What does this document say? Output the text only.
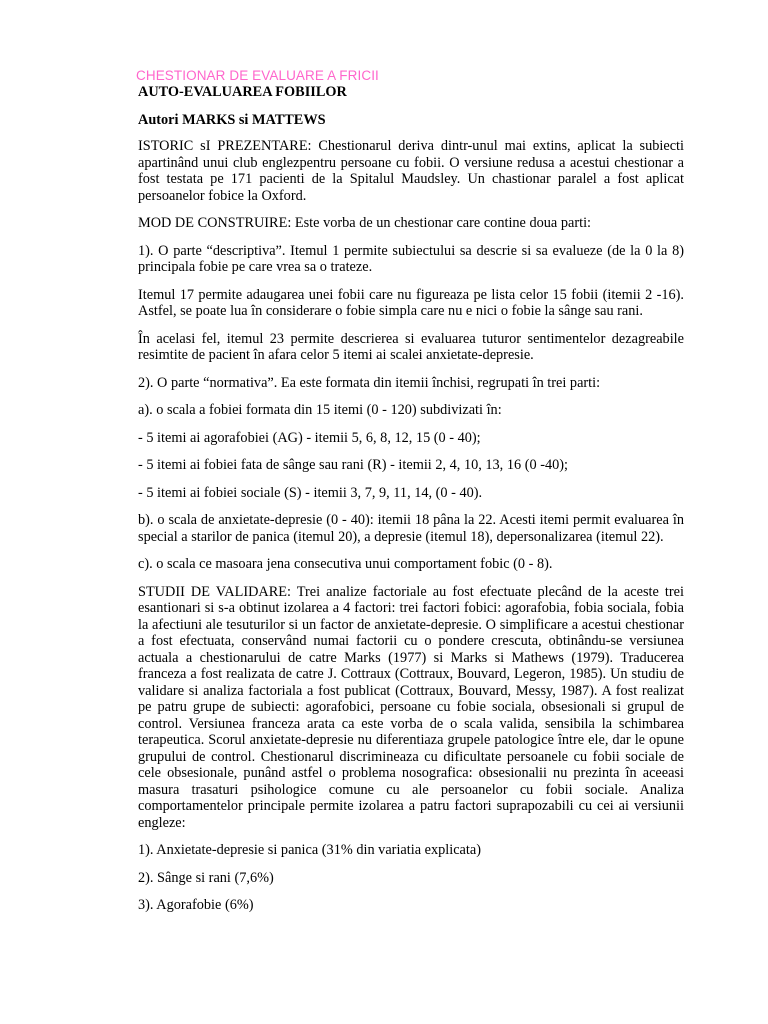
CHESTIONAR DE EVALUARE A FRICII

AUTO-EVALUAREA FOBIILOR

Autori MARKS si MATTEWS

ISTORIC sI PREZENTARE: Chestionarul deriva dintr-unul mai extins, aplicat la subiecti apartinând unui club englezpentru persoane cu fobii. O versiune redusa a acestui chestionar a fost testata pe 171 pacienti de la Spitalul Maudsley. Un chastionar paralel a fost aplicat persoanelor fobice la Oxford.

MOD DE CONSTRUIRE: Este vorba de un chestionar care contine doua parti:

1). O parte “descriptiva”. Itemul 1 permite subiectului sa descrie si sa evalueze (de la 0 la 8) principala fobie pe care vrea sa o trateze.

Itemul 17 permite adaugarea unei fobii care nu figureaza pe lista celor 15 fobii (itemii 2 -16). Astfel, se poate lua în considerare o fobie simpla care nu e nici o fobie la sânge sau rani.

În acelasi fel, itemul 23 permite descrierea si evaluarea tuturor sentimentelor dezagreabile resimtite de pacient în afara celor 5 itemi ai scalei anxietate-depresie.

2). O parte “normativa”. Ea este formata din itemii închisi, regrupati în trei parti:

a). o scala a fobiei formata din 15 itemi (0 - 120) subdivizati în:

- 5 itemi ai agorafobiei (AG) - itemii 5, 6, 8, 12, 15 (0 - 40);

- 5 itemi ai fobiei fata de sânge sau rani (R) - itemii 2, 4, 10, 13, 16 (0 -40);

- 5 itemi ai fobiei sociale (S) - itemii 3, 7, 9, 11, 14, (0 - 40).

b). o scala de anxietate-depresie (0 - 40): itemii 18 pâna la 22. Acesti itemi permit evaluarea în special a starilor de panica (itemul 20), a depresie (itemul 18), depersonalizarea (itemul 22).

c). o scala ce masoara jena consecutiva unui comportament fobic (0 - 8).

STUDII DE VALIDARE: Trei analize factoriale au fost efectuate plecând de la aceste trei esantionari si s-a obtinut izolarea a 4 factori: trei factori fobici: agorafobia, fobia sociala, fobia la afectiuni ale tesuturilor si un factor de anxietate-depresie. O simplificare a acestui chestionar a fost efectuata, conservând numai factorii cu o pondere crescuta, obtinându-se versiunea actuala a chestionarului de catre Marks (1977) si Marks si Mathews (1979). Traducerea franceza a fost realizata de catre J. Cottraux (Cottraux, Bouvard, Legeron, 1985). Un studiu de validare si analiza factoriala a fost publicat (Cottraux, Bouvard, Messy, 1987). A fost realizat pe patru grupe de subiecti: agorafobici, persoane cu fobie sociala, obsesionali si grupul de control. Versiunea franceza arata ca este vorba de o scala valida, sensibila la schimbarea terapeutica. Scorul anxietate-depresie nu diferentiaza grupele patologice între ele, dar le opune grupului de control. Chestionarul discrimineaza cu dificultate persoanele cu fobii sociale de cele obsesionale, punând astfel o problema nosografica: obsesionalii nu prezinta în aceeasi masura trasaturi psihologice comune cu ale persoanelor cu fobii sociale. Analiza comportamentelor principale permite izolarea a patru factori suprapozabili cu cei ai versiunii engleze:

1). Anxietate-depresie si panica (31% din variatia explicata)

2). Sânge si rani (7,6%)

3). Agorafobie (6%)
